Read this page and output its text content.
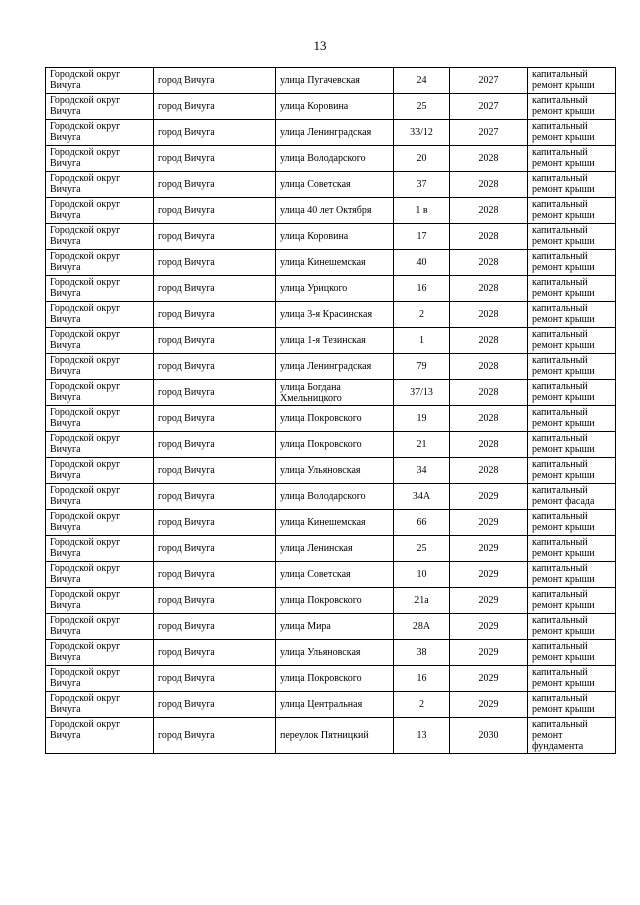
13
Городской округ Вичуга	город Вичуга	улица Пугачевская	24	2027	капитальный ремонт крыши
Городской округ Вичуга	город Вичуга	улица Коровина	25	2027	капитальный ремонт крыши
Городской округ Вичуга	город Вичуга	улица Ленинградская	33/12	2027	капитальный ремонт крыши
Городской округ Вичуга	город Вичуга	улица Володарского	20	2028	капитальный ремонт крыши
Городской округ Вичуга	город Вичуга	улица Советская	37	2028	капитальный ремонт крыши
Городской округ Вичуга	город Вичуга	улица 40 лет Октября	1 в	2028	капитальный ремонт крыши
Городской округ Вичуга	город Вичуга	улица Коровина	17	2028	капитальный ремонт крыши
Городской округ Вичуга	город Вичуга	улица Кинешемская	40	2028	капитальный ремонт крыши
Городской округ Вичуга	город Вичуга	улица Урицкого	16	2028	капитальный ремонт крыши
Городской округ Вичуга	город Вичуга	улица 3-я Красинская	2	2028	капитальный ремонт крыши
Городской округ Вичуга	город Вичуга	улица 1-я Тезинская	1	2028	капитальный ремонт крыши
Городской округ Вичуга	город Вичуга	улица Ленинградская	79	2028	капитальный ремонт крыши
Городской округ Вичуга	город Вичуга	улица Богдана Хмельницкого	37/13	2028	капитальный ремонт крыши
Городской округ Вичуга	город Вичуга	улица Покровского	19	2028	капитальный ремонт крыши
Городской округ Вичуга	город Вичуга	улица Покровского	21	2028	капитальный ремонт крыши
Городской округ Вичуга	город Вичуга	улица Ульяновская	34	2028	капитальный ремонт крыши
Городской округ Вичуга	город Вичуга	улица Володарского	34А	2029	капитальный ремонт фасада
Городской округ Вичуга	город Вичуга	улица Кинешемская	66	2029	капитальный ремонт крыши
Городской округ Вичуга	город Вичуга	улица Ленинская	25	2029	капитальный ремонт крыши
Городской округ Вичуга	город Вичуга	улица Советская	10	2029	капитальный ремонт крыши
Городской округ Вичуга	город Вичуга	улица Покровского	21а	2029	капитальный ремонт крыши
Городской округ Вичуга	город Вичуга	улица Мира	28А	2029	капитальный ремонт крыши
Городской округ Вичуга	город Вичуга	улица Ульяновская	38	2029	капитальный ремонт крыши
Городской округ Вичуга	город Вичуга	улица Покровского	16	2029	капитальный ремонт крыши
Городской округ Вичуга	город Вичуга	улица Центральная	2	2029	капитальный ремонт крыши
Городской округ Вичуга	город Вичуга	переулок Пятницкий	13	2030	капитальный ремонт фундамента
